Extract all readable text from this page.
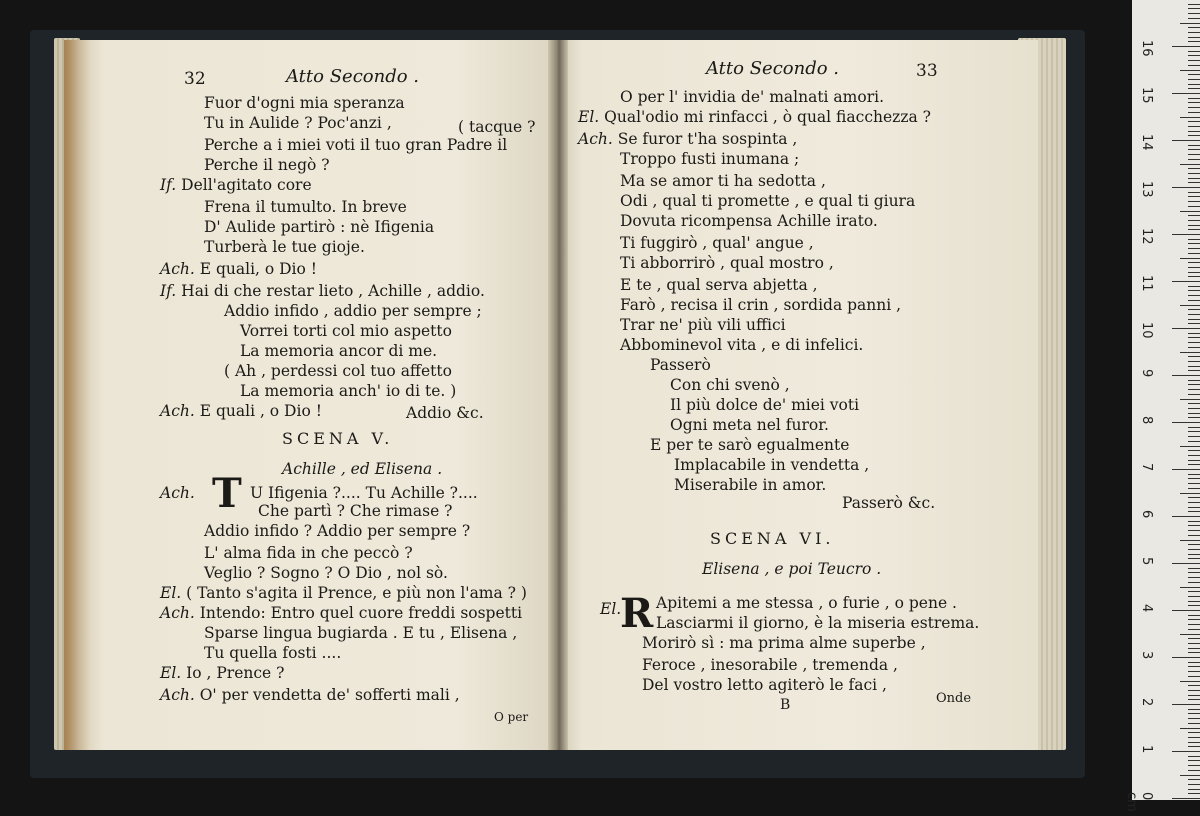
32	Atto Secondo .	Atto Secondo .	33
SCENA V.
Achille , ed Elisena .
T
O per
SCENA VI.
Elisena , e poi Teucro .
R
B	Onde
Fuor d'ogni mia speranza
Tu in Aulide ? Poc'anzi ,	( tacque ?
Perche a i miei voti il tuo gran Padre il
Perche il negò ?
If. Dell'agitato core
Frena il tumulto. In breve
D' Aulide partirò : nè Ifigenia
Turberà le tue gioje.
Ach. E quali, o Dio !
If. Hai di che restar lieto , Achille , addio.
Addio infido , addio per sempre ;
Vorrei torti col mio aspetto
La memoria ancor di me.
( Ah , perdessi col tuo affetto
La memoria anch' io di te. )
Ach. E quali , o Dio !	Addio &c.
Ach.	U Ifigenia ?.... Tu Achille ?....
Che partì ? Che rimase ?
Addio infido ? Addio per sempre ?
L' alma fida in che peccò ?
Veglio ? Sogno ? O Dio , nol sò.
El. ( Tanto s'agita il Prence, e più non l'ama ? )
Ach. Intendo: Entro quel cuore freddi sospetti
Sparse lingua bugiarda . E tu , Elisena ,
Tu quella fosti ....
El. Io , Prence ?
Ach. O' per vendetta de' sofferti mali ,
O per l' invidia de' malnati amori.
El. Qual'odio mi rinfacci , ò qual fiacchezza ?
Ach. Se furor t'ha sospinta ,
Troppo fusti inumana ;
Ma se amor ti ha sedotta ,
Odi , qual ti promette , e qual ti giura
Dovuta ricompensa Achille irato.
Ti fuggirò , qual' angue ,
Ti abborrirò , qual mostro ,
E te , qual serva abjetta ,
Farò , recisa il crin , sordida panni ,
Trar ne' più vili uffici
Abbominevol vita , e di infelici.
Passerò
Con chi svenò ,
Il più dolce de' miei voti
Ogni meta nel furor.
E per te sarò egualmente
Implacabile in vendetta ,
Miserabile in amor.
Passerò &c.
El. Apitemi a me stessa , o furie , o pene .
Lasciarmi il giorno, è la miseria estrema.
Morirò sì : ma prima alme superbe ,
Feroce , inesorabile , tremenda ,
Del vostro letto agiterò le faci ,
0 cm
1
2
3
4
5
6
7
8
9
10
11
12
13
14
15
16
